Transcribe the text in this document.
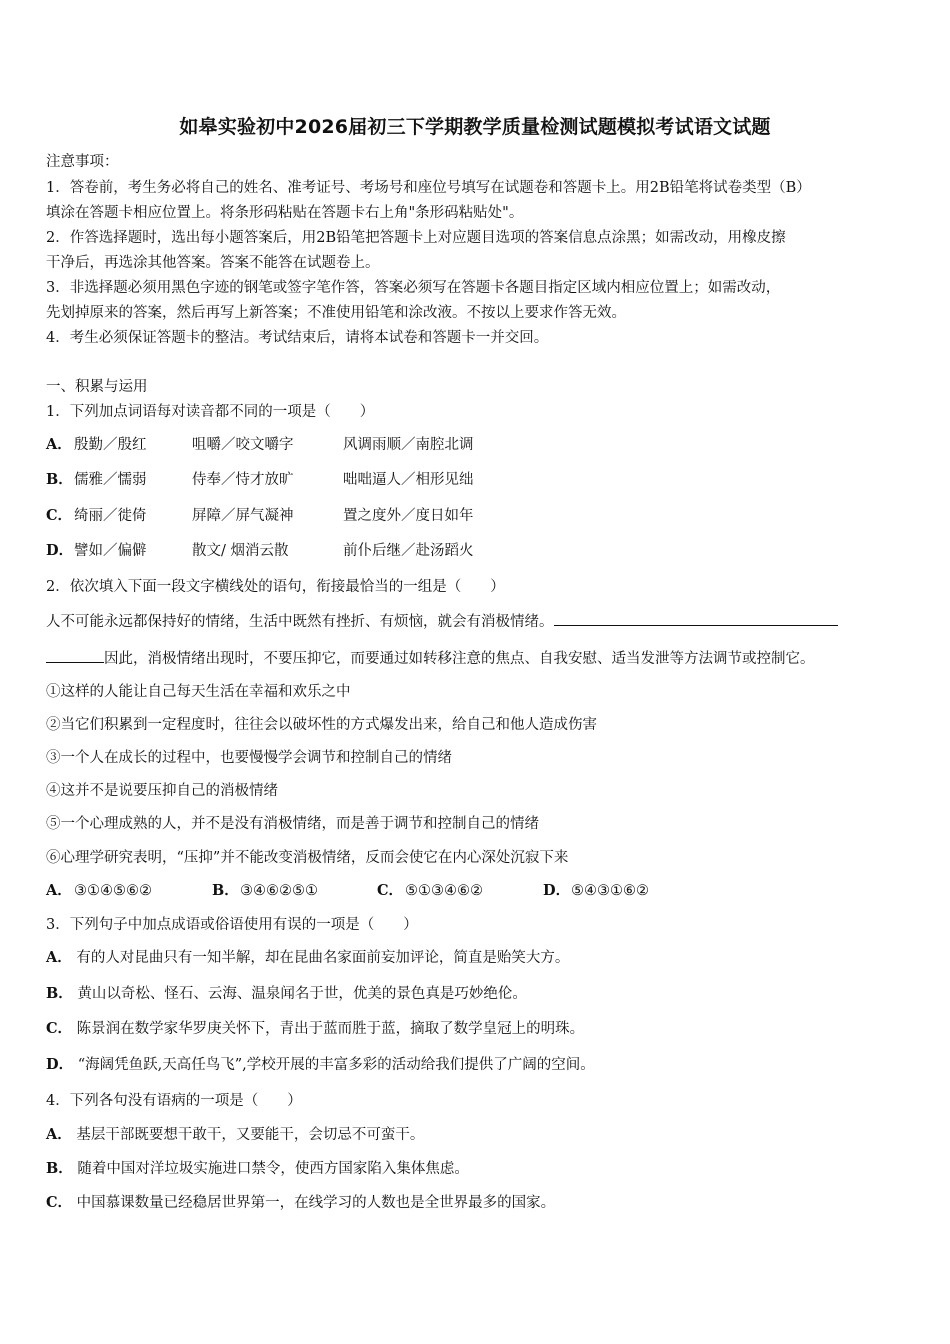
如皋实验初中2026届初三下学期教学质量检测试题模拟考试语文试题
注意事项：
1．答卷前，考生务必将自己的姓名、准考证号、考场号和座位号填写在试题卷和答题卡上。用2B铅笔将试卷类型（B）
填涂在答题卡相应位置上。将条形码粘贴在答题卡右上角"条形码粘贴处"。
2．作答选择题时，选出每小题答案后，用2B铅笔把答题卡上对应题目选项的答案信息点涂黑；如需改动，用橡皮擦
干净后，再选涂其他答案。答案不能答在试题卷上。
3．非选择题必须用黑色字迹的钢笔或签字笔作答，答案必须写在答题卡各题目指定区域内相应位置上；如需改动，
先划掉原来的答案，然后再写上新答案；不准使用铅笔和涂改液。不按以上要求作答无效。
4．考生必须保证答题卡的整洁。考试结束后，请将本试卷和答题卡一并交回。
一、积累与运用
1．下列加点词语每对读音都不同的一项是（　　）
A． 殷勤／殷红	咀嚼／咬文嚼字	风调雨顺／南腔北调
B． 儒雅／懦弱	侍奉／恃才放旷	咄咄逼人／相形见绌
C． 绮丽／徙倚	屏障／屏气凝神	置之度外／度日如年
D． 譬如／偏僻	散文/ 烟消云散	前仆后继／赴汤蹈火
2．依次填入下面一段文字横线处的语句，衔接最恰当的一组是（　　）
人不可能永远都保持好的情绪，生活中既然有挫折、有烦恼，就会有消极情绪。
因此，消极情绪出现时，不要压抑它，而要通过如转移注意的焦点、自我安慰、适当发泄等方法调节或控制它。
①这样的人能让自己每天生活在幸福和欢乐之中
②当它们积累到一定程度时，往往会以破坏性的方式爆发出来，给自己和他人造成伤害
③一个人在成长的过程中，也要慢慢学会调节和控制自己的情绪
④这并不是说要压抑自己的消极情绪
⑤一个心理成熟的人，并不是没有消极情绪，而是善于调节和控制自己的情绪
⑥心理学研究表明，“压抑”并不能改变消极情绪，反而会使它在内心深处沉寂下来
A． ③①④⑤⑥②	B． ③④⑥②⑤①	C． ⑤①③④⑥②	D． ⑤④③①⑥②
3．下列句子中加点成语或俗语使用有误的一项是（　　）
A． 有的人对昆曲只有一知半解，却在昆曲名家面前妄加评论，简直是贻笑大方。
B． 黄山以奇松、怪石、云海、温泉闻名于世，优美的景色真是巧妙绝伦。
C． 陈景润在数学家华罗庚关怀下，青出于蓝而胜于蓝，摘取了数学皇冠上的明珠。
D． “海阔凭鱼跃,天高任鸟飞”,学校开展的丰富多彩的活动给我们提供了广阔的空间。
4．下列各句没有语病的一项是（　　）
A． 基层干部既要想干敢干，又要能干，会切忌不可蛮干。
B． 随着中国对洋垃圾实施进口禁令，使西方国家陷入集体焦虑。
C． 中国慕课数量已经稳居世界第一，在线学习的人数也是全世界最多的国家。
